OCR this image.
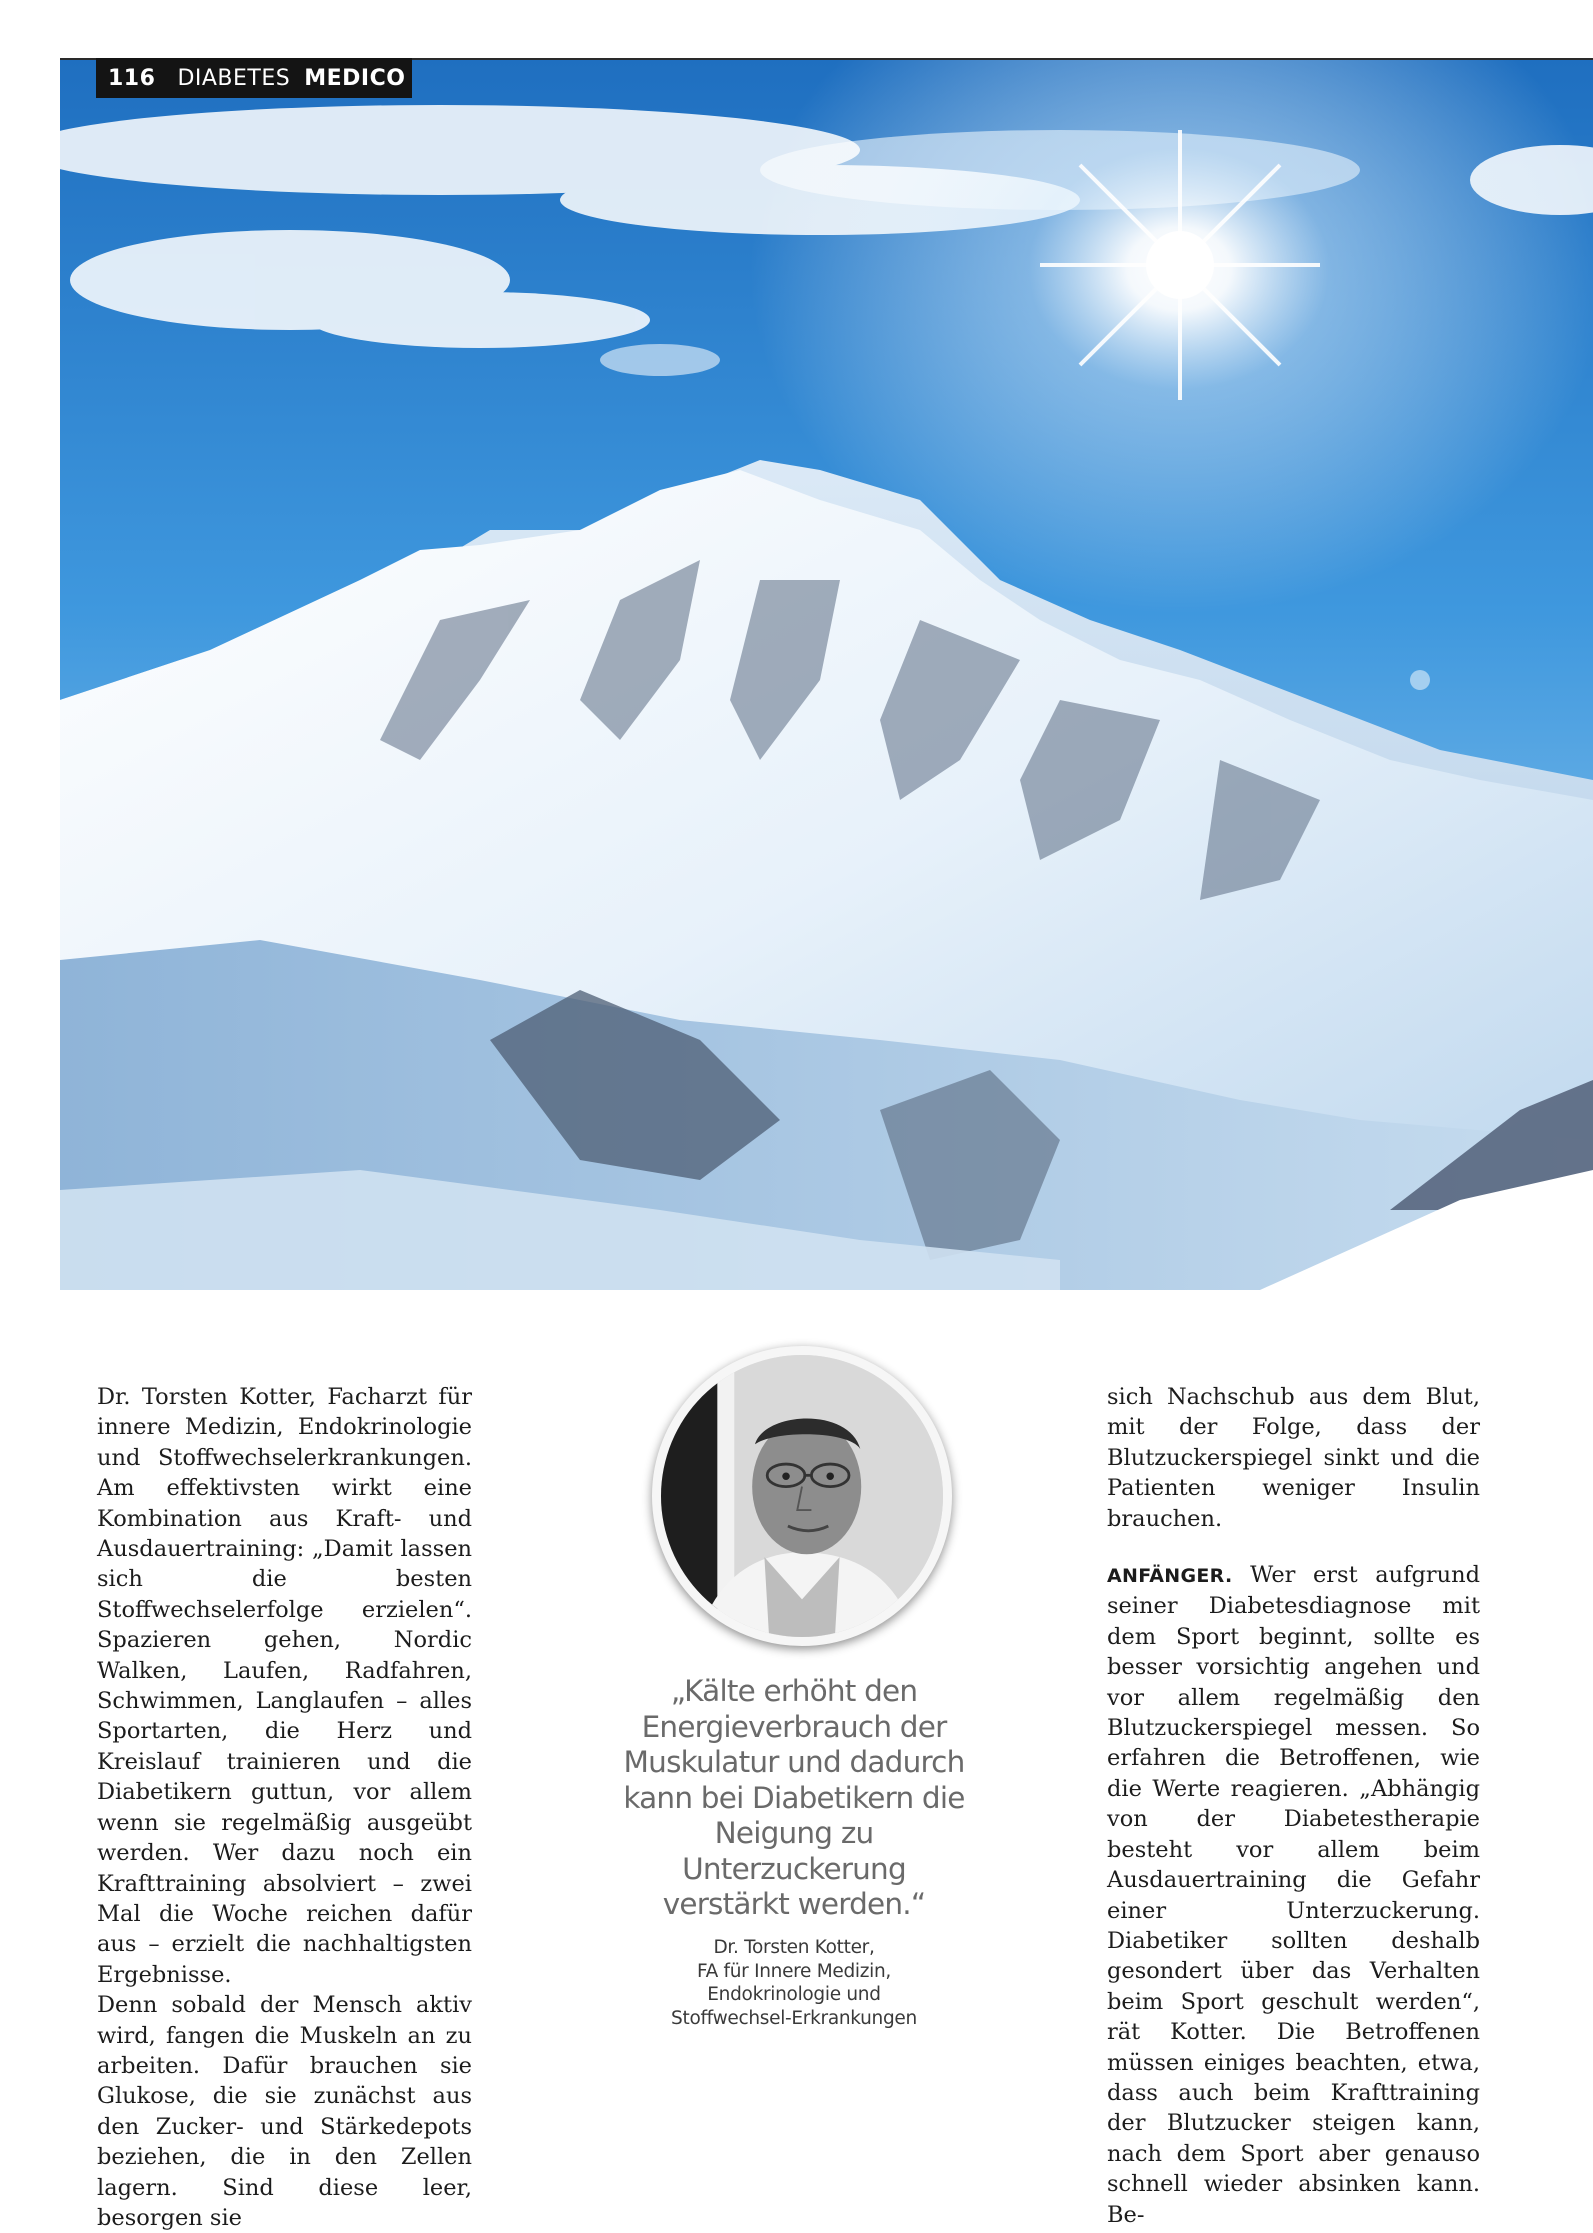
116 DIABETES MEDICO

Dr. Torsten Kotter, Facharzt für innere Medizin, Endokrinologie und Stoffwechselerkrankungen. Am effektivsten wirkt eine Kombination aus Kraft- und Ausdauertraining: „Damit lassen sich die besten Stoffwechselerfolge erzielen“. Spazieren gehen, Nordic Walken, Laufen, Radfahren, Schwimmen, Langlaufen – alles Sportarten, die Herz und Kreislauf trainieren und die Diabetikern guttun, vor allem wenn sie regelmäßig ausgeübt werden. Wer dazu noch ein Krafttraining absolviert – zwei Mal die Woche reichen dafür aus – erzielt die nachhaltigsten Ergebnisse.

Denn sobald der Mensch aktiv wird, fangen die Muskeln an zu arbeiten. Dafür brauchen sie Glukose, die sie zunächst aus den Zucker- und Stärkedepots beziehen, die in den Zellen lagern. Sind diese leer, besorgen sie

„Kälte erhöht den Energieverbrauch der Muskulatur und dadurch kann bei Diabetikern die Neigung zu Unterzuckerung verstärkt werden.“
Dr. Torsten Kotter,
FA für Innere Medizin,
Endokrinologie und
Stoffwechsel-Erkrankungen

sich Nachschub aus dem Blut, mit der Folge, dass der Blutzuckerspiegel sinkt und die Patienten weniger Insulin brauchen.

ANFÄNGER. Wer erst aufgrund seiner Diabetesdiagnose mit dem Sport beginnt, sollte es besser vorsichtig angehen und vor allem regelmäßig den Blutzuckerspiegel messen. So erfahren die Betroffenen, wie die Werte reagieren. „Abhängig von der Diabetestherapie besteht vor allem beim Ausdauertraining die Gefahr einer Unterzuckerung. Diabetiker sollten deshalb gesondert über das Verhalten beim Sport geschult werden“, rät Kotter. Die Betroffenen müssen einiges beachten, etwa, dass auch beim Krafttraining der Blutzucker steigen kann, nach dem Sport aber genauso schnell wieder absinken kann. Be-
